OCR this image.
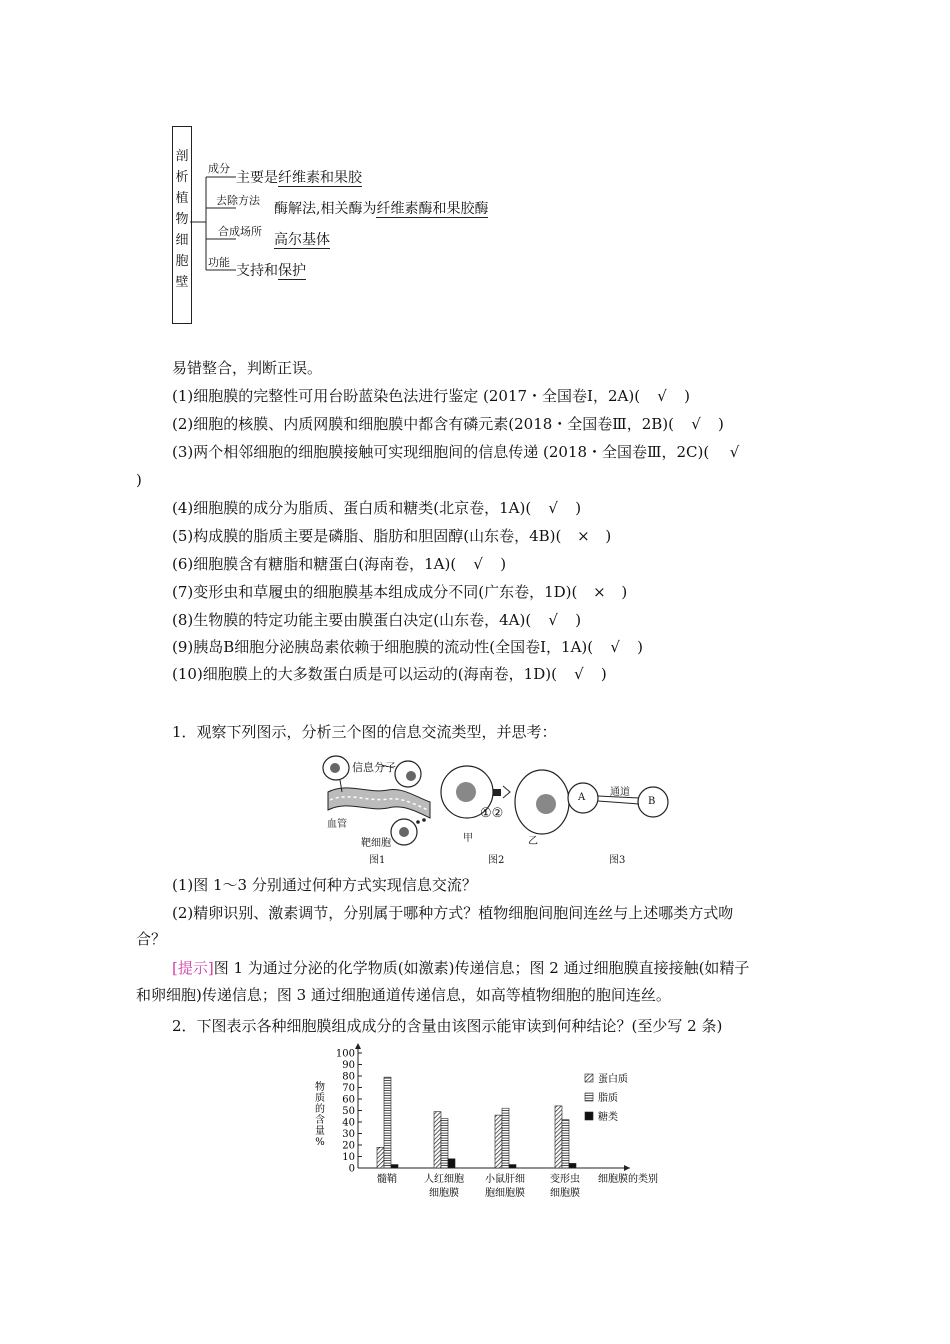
剖
析
植
物
细
胞
壁
成分
主要是纤维素和果胶
去除方法
酶解法,相关酶为纤维素酶和果胶酶
合成场所
高尔基体
功能
支持和保护
易错整合，判断正误。
(1)细胞膜的完整性可用台盼蓝染色法进行鉴定 (2017・全国卷Ⅰ，2A)( √ )
(2)细胞的核膜、内质网膜和细胞膜中都含有磷元素(2018・全国卷Ⅲ，2B)( √ )
(3)两个相邻细胞的细胞膜接触可实现细胞间的信息传递 (2018・全国卷Ⅲ，2C)( √
)
(4)细胞膜的成分为脂质、蛋白质和糖类(北京卷，1A)( √ )
(5)构成膜的脂质主要是磷脂、脂肪和胆固醇(山东卷，4B)( × )
(6)细胞膜含有糖脂和糖蛋白(海南卷，1A)( √ )
(7)变形虫和草履虫的细胞膜基本组成成分不同(广东卷，1D)( × )
(8)生物膜的特定功能主要由膜蛋白决定(山东卷，4A)( √ )
(9)胰岛B细胞分泌胰岛素依赖于细胞膜的流动性(全国卷Ⅰ，1A)( √ )
(10)细胞膜上的大多数蛋白质是可以运动的(海南卷，1D)( √ )
1．观察下列图示，分析三个图的信息交流类型，并思考：
信息分子
血管
靶细胞
图1
①②
甲	乙
图2
A	B
通道
图3
(1)图 1～3 分别通过何种方式实现信息交流？
(2)精卵识别、激素调节，分别属于哪种方式？植物细胞间胞间连丝与上述哪类方式吻
合？
[提示]图 1 为通过分泌的化学物质(如激素)传递信息；图 2 通过细胞膜直接接触(如精子
和卵细胞)传递信息；图 3 通过细胞通道传递信息，如高等植物细胞的胞间连丝。
2．下图表示各种细胞膜组成成分的含量由该图示能审读到何种结论？(至少写 2 条)
0
10
20
30
40
50
60
70
80
90
100
物
质
的
含
量
%
髓鞘	人红细胞
细胞膜
小鼠肝细
胞细胞膜
变形虫
细胞膜
细胞膜的类别
蛋白质
脂质
糖类
